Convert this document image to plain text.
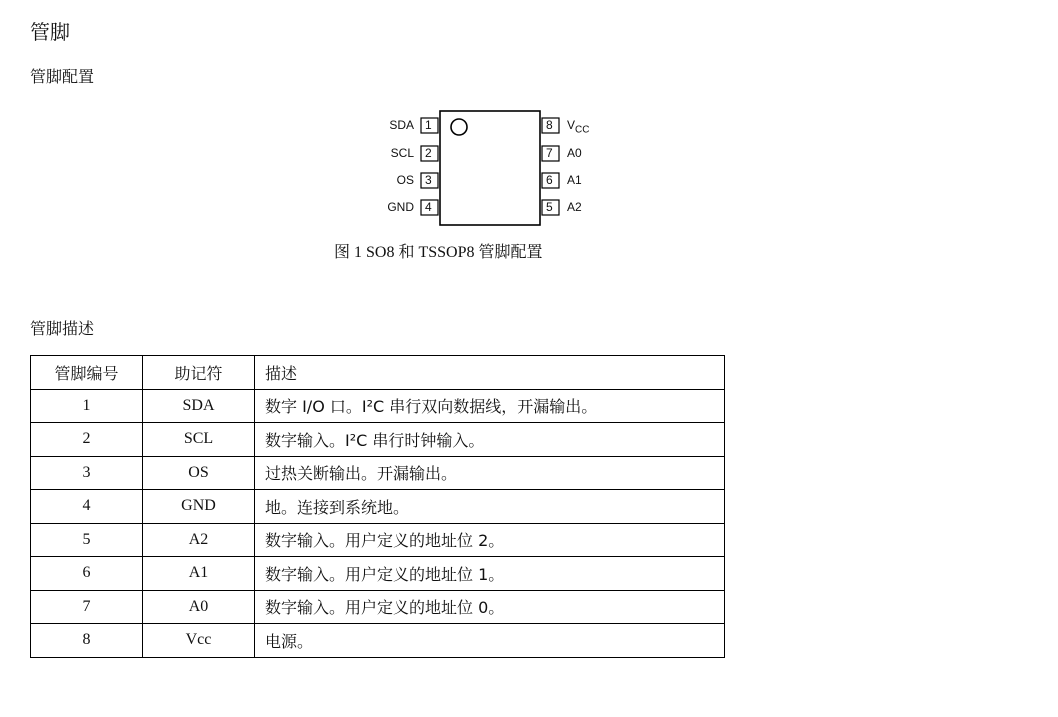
管脚
管脚配置
1
2
3
4
8
7
6
5
SDA
SCL
OS
GND
$V_{CC}$
A0
A1
A2
图 1 SO8 和 TSSOP8 管脚配置
管脚描述
管脚编号	助记符	描述
1	SDA	数字 I/O 口。I²C 串行双向数据线，开漏输出。
2	SCL	数字输入。I²C 串行时钟输入。
3	OS	过热关断输出。开漏输出。
4	GND	地。连接到系统地。
5	A2	数字输入。用户定义的地址位 2。
6	A1	数字输入。用户定义的地址位 1。
7	A0	数字输入。用户定义的地址位 0。
8	Vcc	电源。
